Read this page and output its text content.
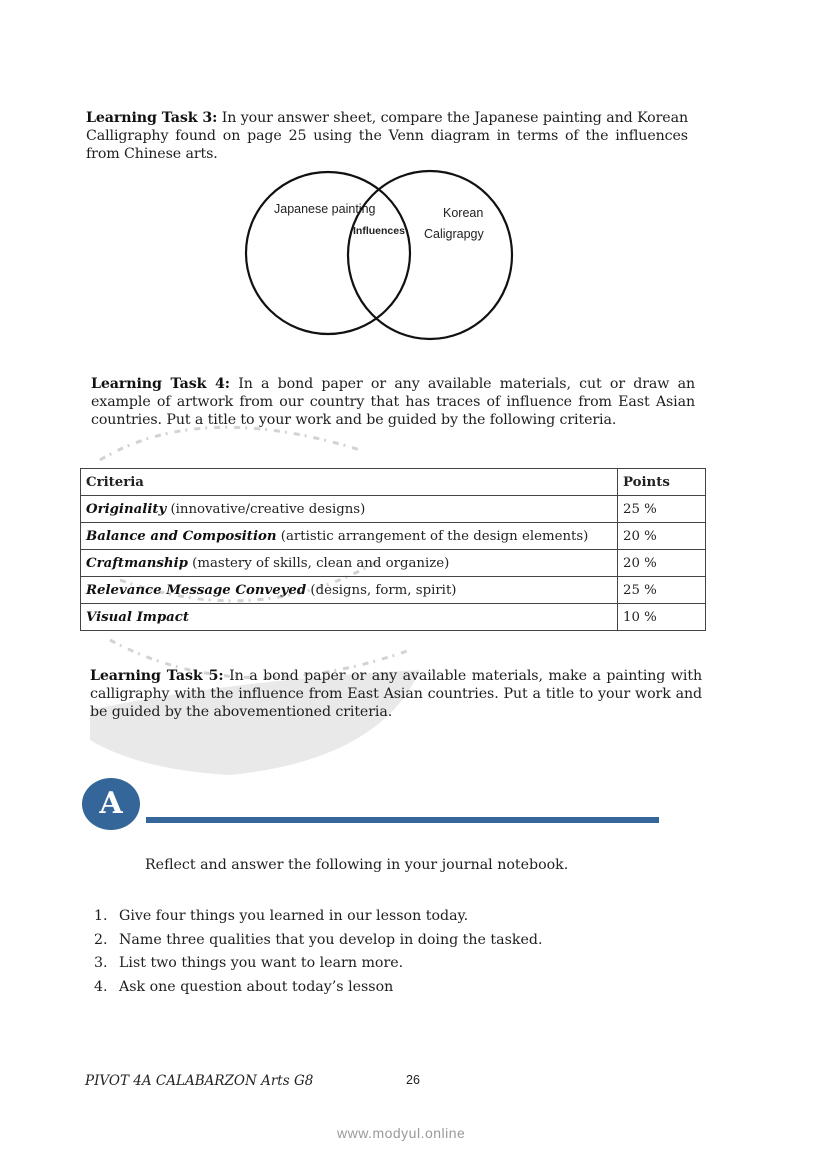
Learning Task 3: In your answer sheet, compare the Japanese painting and Korean Calligraphy found on page 25 using the Venn diagram in terms of the influences from Chinese arts.
Japanese painting
Influences
Korean
Caligrapgy
Learning Task 4: In a bond paper or any available materials, cut or draw an example of artwork from our country that has traces of influence from East Asian countries. Put a title to your work and be guided by the following criteria.
Criteria	Points
Originality (innovative/creative designs)	25 %
Balance and Composition (artistic arrangement of the design elements)	20 %
Craftmanship (mastery of skills, clean and organize)	20 %
Relevance Message Conveyed (designs, form, spirit)	25 %
Visual Impact	10 %
Learning Task 5: In a bond paper or any available materials, make a painting with calligraphy with the influence from East Asian countries. Put a title to your work and be guided by the abovementioned criteria.
A
Reflect and answer the following in your journal notebook.
1. Give four things you learned in our lesson today.
2. Name three qualities that you develop in doing the tasked.
3. List two things you want to learn more.
4. Ask one question about today’s lesson
PIVOT 4A CALABARZON Arts G8	26
www.modyul.online
